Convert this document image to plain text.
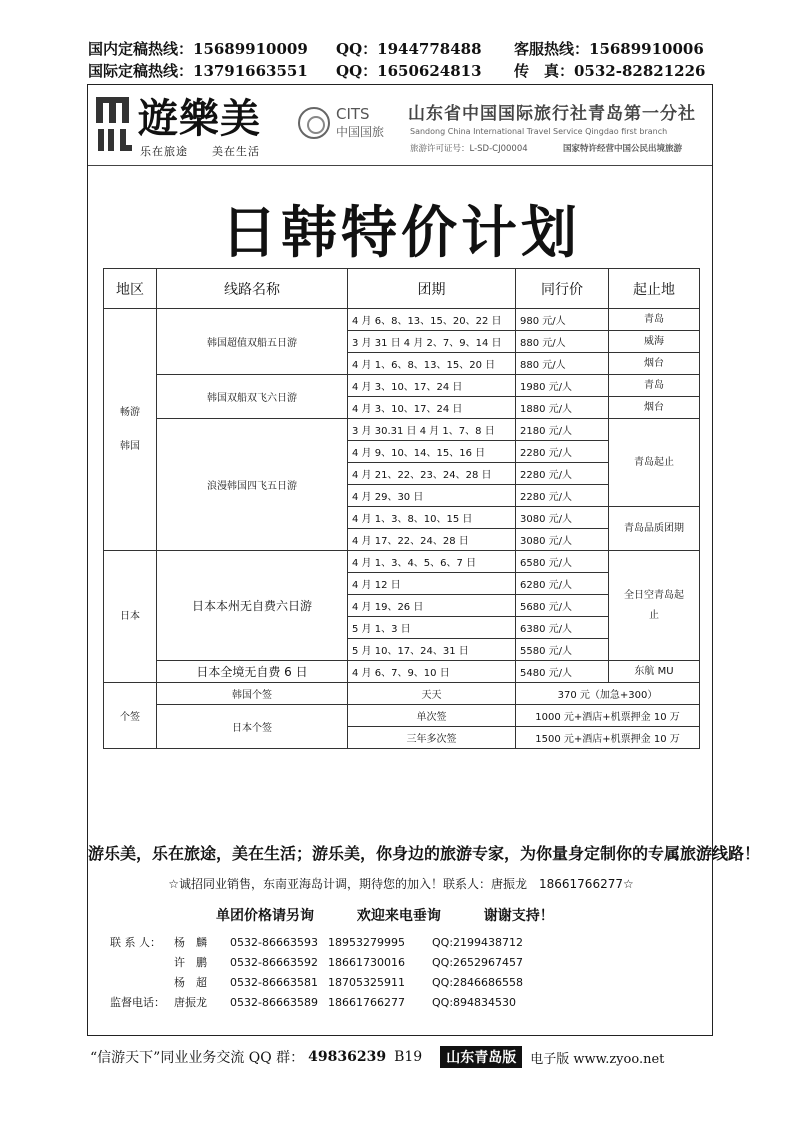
国内定稿热线：15689910009	QQ：1944778488	客服热线：15689910006
国际定稿热线：13791663551	QQ：1650624813	传　真：0532-82821226
遊樂美
乐在旅途　　美在生活
CITS
中国国旅
山东省中国国际旅行社青岛第一分社
Sandong China International Travel Service Qingdao first branch
旅游许可证号：L-SD-CJ00004	国家特许经营中国公民出境旅游
日韩特价计划
地区	线路名称	团期	同行价	起止地
畅游韩国	韩国超值双船五日游	4 月 6、8、13、15、20、22 日	980 元/人	青岛
		3 月 31 日 4 月 2、7、9、14 日	880 元/人	威海
		4 月 1、6、8、13、15、20 日	880 元/人	烟台
	韩国双船双飞六日游	4 月 3、10、17、24 日	1980 元/人	青岛
		4 月 3、10、17、24 日	1880 元/人	烟台
	浪漫韩国四飞五日游	3 月 30.31 日 4 月 1、7、8 日	2180 元/人	青岛起止
		4 月 9、10、14、15、16 日	2280 元/人	
		4 月 21、22、23、24、28 日	2280 元/人	
		4 月 29、30 日	2280 元/人	
		4 月 1、3、8、10、15 日	3080 元/人	青岛品质团期
		4 月 17、22、24、28 日	3080 元/人	
日本	日本本州无自费六日游	4 月 1、3、4、5、6、7 日	6580 元/人	全日空青岛起止
		4 月 12 日	6280 元/人	
		4 月 19、26 日	5680 元/人	
		5 月 1、3 日	6380 元/人	
		5 月 10、17、24、31 日	5580 元/人	
	日本全境无自费 6 日	4 月 6、7、9、10 日	5480 元/人	东航 MU
个签	韩国个签	天天	370 元（加急+300）	
	日本个签	单次签	1000 元+酒店+机票押金 10 万	
		三年多次签	1500 元+酒店+机票押金 10 万	
游乐美，乐在旅途，美在生活；游乐美，你身边的旅游专家，为你量身定制你的专属旅游线路！
☆诚招同业销售，东南亚海岛计调，期待您的加入！联系人：唐振龙　18661766277☆
单团价格请另询	欢迎来电垂询	谢谢支持！
联 系 人：	杨　麟	0532-86663593 18953279995	QQ:2199438712
许　鹏	0532-86663592 18661730016	QQ:2652967457
杨　超	0532-86663581 18705325911	QQ:2846686558
监督电话： 唐振龙	0532-86663589 18661766277	QQ:894834530
“信游天下”同业业务交流 QQ 群： 49836239 B19	山东青岛版	电子版 www.zyoo.net
